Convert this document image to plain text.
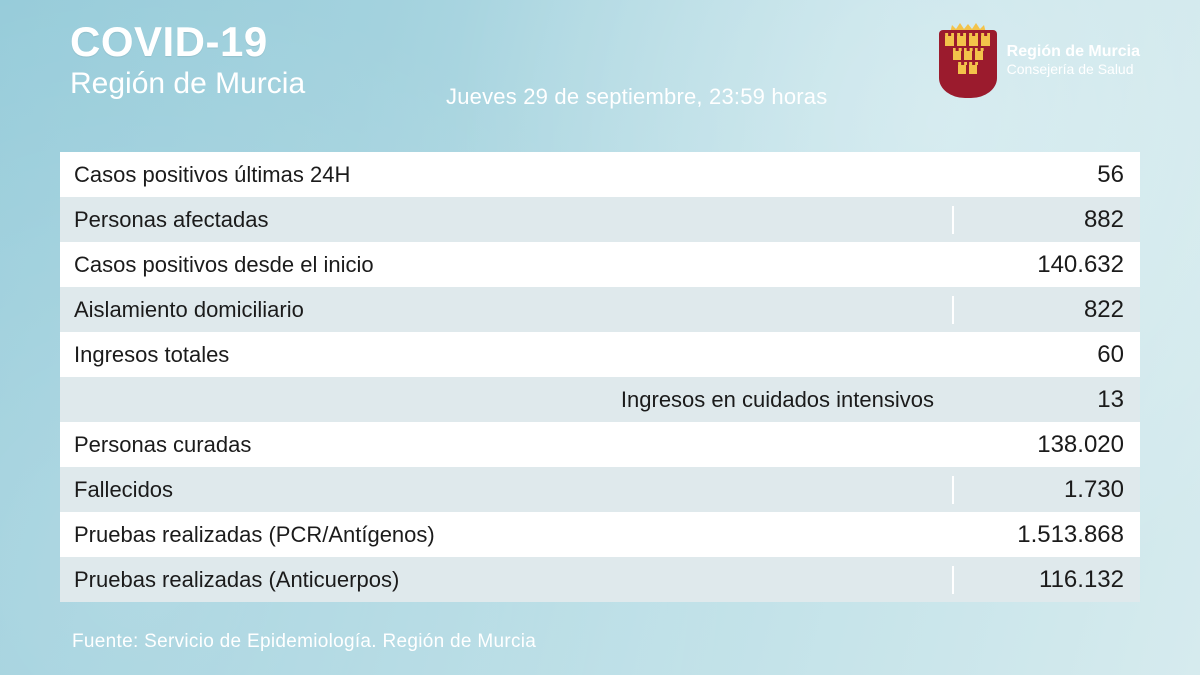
COVID-19
Región de Murcia	Jueves 29 de septiembre, 23:59 horas
Región de Murcia
Consejería de Salud
Casos positivos últimas 24H	56
Personas afectadas	882
Casos positivos desde el inicio	140.632
Aislamiento domiciliario	822
Ingresos totales	60
Ingresos en cuidados intensivos	13
Personas curadas	138.020
Fallecidos	1.730
Pruebas realizadas (PCR/Antígenos)	1.513.868
Pruebas realizadas (Anticuerpos)	116.132
Fuente: Servicio de Epidemiología. Región de Murcia
